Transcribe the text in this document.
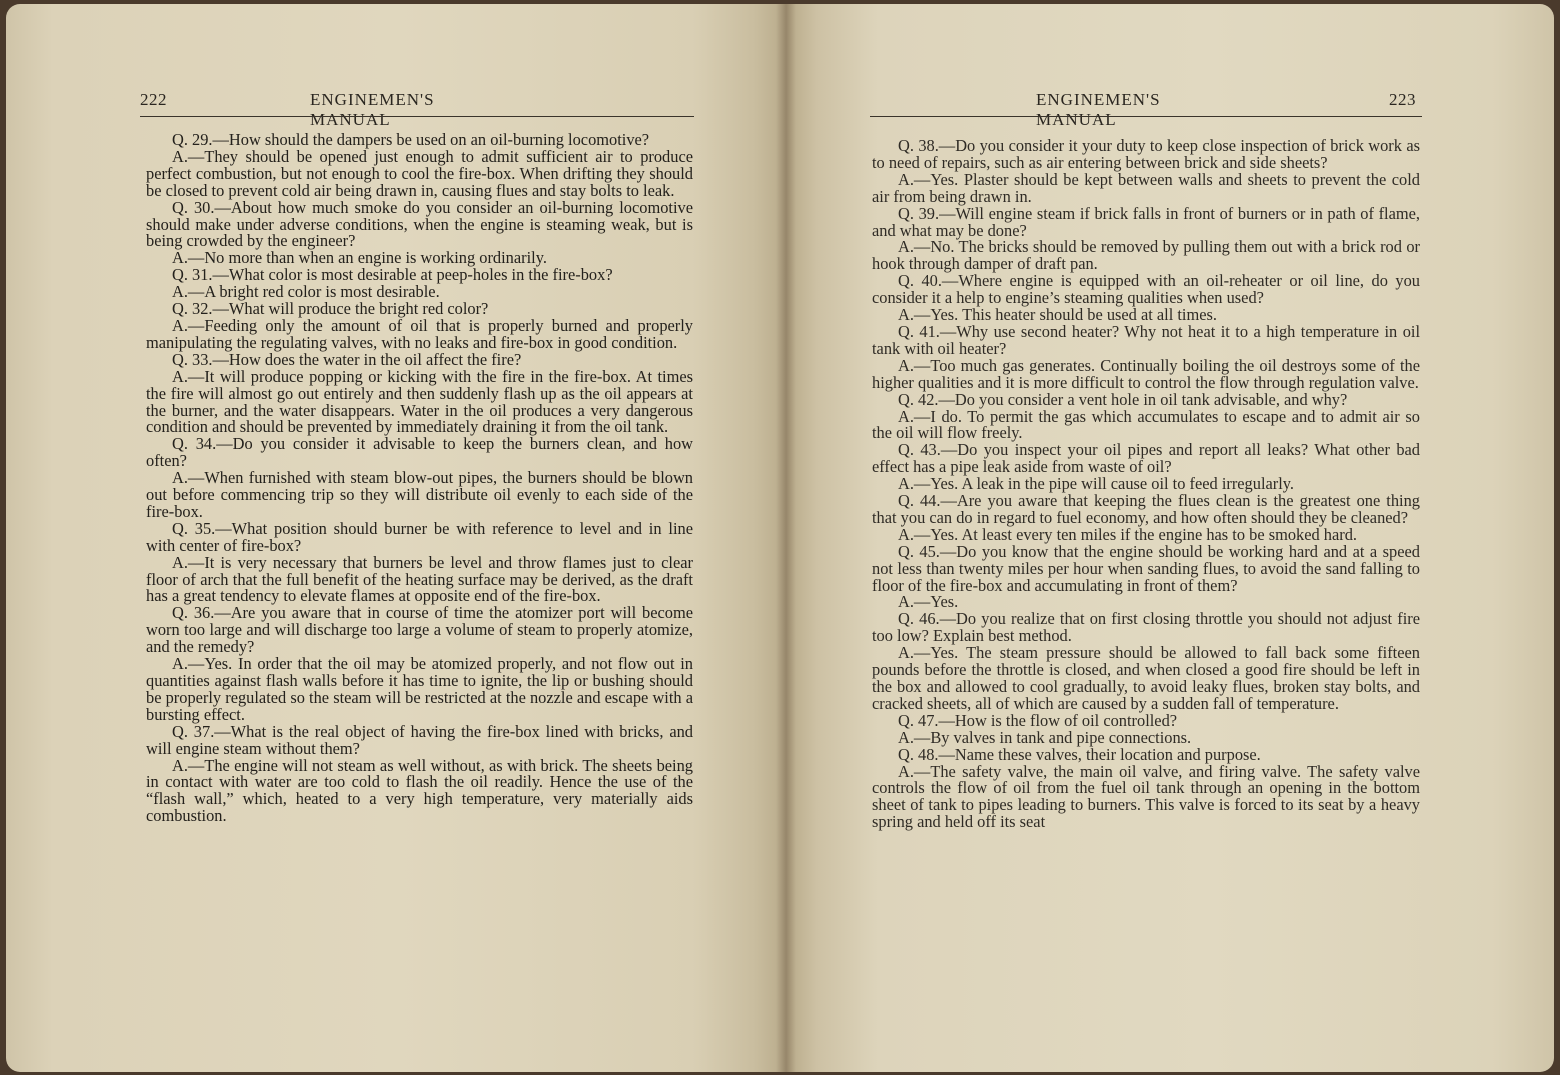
222	ENGINEMEN'S MANUAL

Q. 29.—How should the dampers be used on an oil-burning locomotive?

A.—They should be opened just enough to admit sufficient air to produce perfect combustion, but not enough to cool the fire-box. When drifting they should be closed to prevent cold air being drawn in, causing flues and stay bolts to leak.

Q. 30.—About how much smoke do you consider an oil-burning locomotive should make under adverse conditions, when the engine is steaming weak, but is being crowded by the engineer?

A.—No more than when an engine is working ordinarily.

Q. 31.—What color is most desirable at peep-holes in the fire-box?

A.—A bright red color is most desirable.

Q. 32.—What will produce the bright red color?

A.—Feeding only the amount of oil that is properly burned and properly manipulating the regulating valves, with no leaks and fire-box in good condition.

Q. 33.—How does the water in the oil affect the fire?

A.—It will produce popping or kicking with the fire in the fire-box. At times the fire will almost go out entirely and then suddenly flash up as the oil appears at the burner, and the water disappears. Water in the oil produces a very dangerous condition and should be prevented by immediately draining it from the oil tank.

Q. 34.—Do you consider it advisable to keep the burners clean, and how often?

A.—When furnished with steam blow-out pipes, the burners should be blown out before commencing trip so they will distribute oil evenly to each side of the fire-box.

Q. 35.—What position should burner be with reference to level and in line with center of fire-box?

A.—It is very necessary that burners be level and throw flames just to clear floor of arch that the full benefit of the heating surface may be derived, as the draft has a great tendency to elevate flames at opposite end of the fire-box.

Q. 36.—Are you aware that in course of time the atomizer port will become worn too large and will discharge too large a volume of steam to properly atomize, and the remedy?

A.—Yes. In order that the oil may be atomized properly, and not flow out in quantities against flash walls before it has time to ignite, the lip or bushing should be properly regulated so the steam will be restricted at the nozzle and escape with a bursting effect.

Q. 37.—What is the real object of having the fire-box lined with bricks, and will engine steam without them?

A.—The engine will not steam as well without, as with brick. The sheets being in contact with water are too cold to flash the oil readily. Hence the use of the “flash wall,” which, heated to a very high temperature, very materially aids combustion.

ENGINEMEN'S MANUAL
223

Q. 38.—Do you consider it your duty to keep close inspection of brick work as to need of repairs, such as air entering between brick and side sheets?

A.—Yes. Plaster should be kept between walls and sheets to prevent the cold air from being drawn in.

Q. 39.—Will engine steam if brick falls in front of burners or in path of flame, and what may be done?

A.—No. The bricks should be removed by pulling them out with a brick rod or hook through damper of draft pan.

Q. 40.—Where engine is equipped with an oil-reheater or oil line, do you consider it a help to engine’s steaming qualities when used?

A.—Yes. This heater should be used at all times.

Q. 41.—Why use second heater? Why not heat it to a high temperature in oil tank with oil heater?

A.—Too much gas generates. Continually boiling the oil destroys some of the higher qualities and it is more difficult to control the flow through regulation valve.

Q. 42.—Do you consider a vent hole in oil tank advisable, and why?

A.—I do. To permit the gas which accumulates to escape and to admit air so the oil will flow freely.

Q. 43.—Do you inspect your oil pipes and report all leaks? What other bad effect has a pipe leak aside from waste of oil?

A.—Yes. A leak in the pipe will cause oil to feed irregularly.

Q. 44.—Are you aware that keeping the flues clean is the greatest one thing that you can do in regard to fuel economy, and how often should they be cleaned?

A.—Yes. At least every ten miles if the engine has to be smoked hard.

Q. 45.—Do you know that the engine should be working hard and at a speed not less than twenty miles per hour when sanding flues, to avoid the sand falling to floor of the fire-box and accumulating in front of them?

A.—Yes.

Q. 46.—Do you realize that on first closing throttle you should not adjust fire too low? Explain best method.

A.—Yes. The steam pressure should be allowed to fall back some fifteen pounds before the throttle is closed, and when closed a good fire should be left in the box and allowed to cool gradually, to avoid leaky flues, broken stay bolts, and cracked sheets, all of which are caused by a sudden fall of temperature.

Q. 47.—How is the flow of oil controlled?

A.—By valves in tank and pipe connections.

Q. 48.—Name these valves, their location and purpose.

A.—The safety valve, the main oil valve, and firing valve. The safety valve controls the flow of oil from the fuel oil tank through an opening in the bottom sheet of tank to pipes leading to burners. This valve is forced to its seat by a heavy spring and held off its seat
